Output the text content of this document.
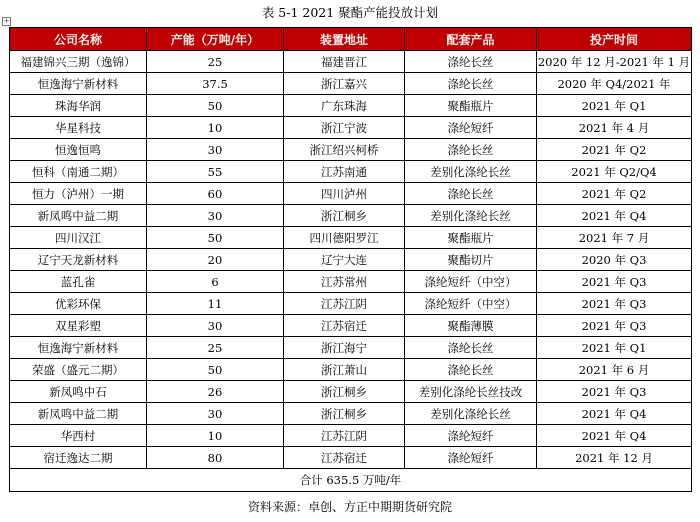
表 5-1 2021 聚酯产能投放计划
+
公司名称	产能（万吨/年）	装置地址	配套产品	投产时间
福建锦兴三期（逸锦）	25	福建晋江	涤纶长丝	2020 年 12 月-2021 年 1 月
恒逸海宁新材料	37.5	浙江嘉兴	涤纶长丝	2020 年 Q4/2021 年
珠海华润	50	广东珠海	聚酯瓶片	2021 年 Q1
华星科技	10	浙江宁波	涤纶短纤	2021 年 4 月
恒逸恒鸣	30	浙江绍兴柯桥	涤纶长丝	2021 年 Q2
恒科（南通二期）	55	江苏南通	差别化涤纶长丝	2021 年 Q2/Q4
恒力（泸州）一期	60	四川泸州	涤纶长丝	2021 年 Q2
新凤鸣中益二期	30	浙江桐乡	差别化涤纶长丝	2021 年 Q4
四川汉江	50	四川德阳罗江	聚酯瓶片	2021 年 7 月
辽宁天龙新材料	20	辽宁大连	聚酯切片	2020 年 Q3
蓝孔雀	6	江苏常州	涤纶短纤（中空）	2021 年 Q3
优彩环保	11	江苏江阴	涤纶短纤（中空）	2021 年 Q3
双星彩塑	30	江苏宿迁	聚酯薄膜	2021 年 Q3
恒逸海宁新材料	25	浙江海宁	涤纶长丝	2021 年 Q1
荣盛（盛元二期）	50	浙江萧山	涤纶长丝	2021 年 6 月
新凤鸣中石	26	浙江桐乡	差别化涤纶长丝技改	2021 年 Q3
新凤鸣中益二期	30	浙江桐乡	差别化涤纶长丝	2021 年 Q4
华西村	10	江苏江阴	涤纶短纤	2021 年 Q4
宿迁逸达二期	80	江苏宿迁	涤纶短纤	2021 年 12 月
合计 635.5 万吨/年				
资料来源：卓创、方正中期期货研究院
